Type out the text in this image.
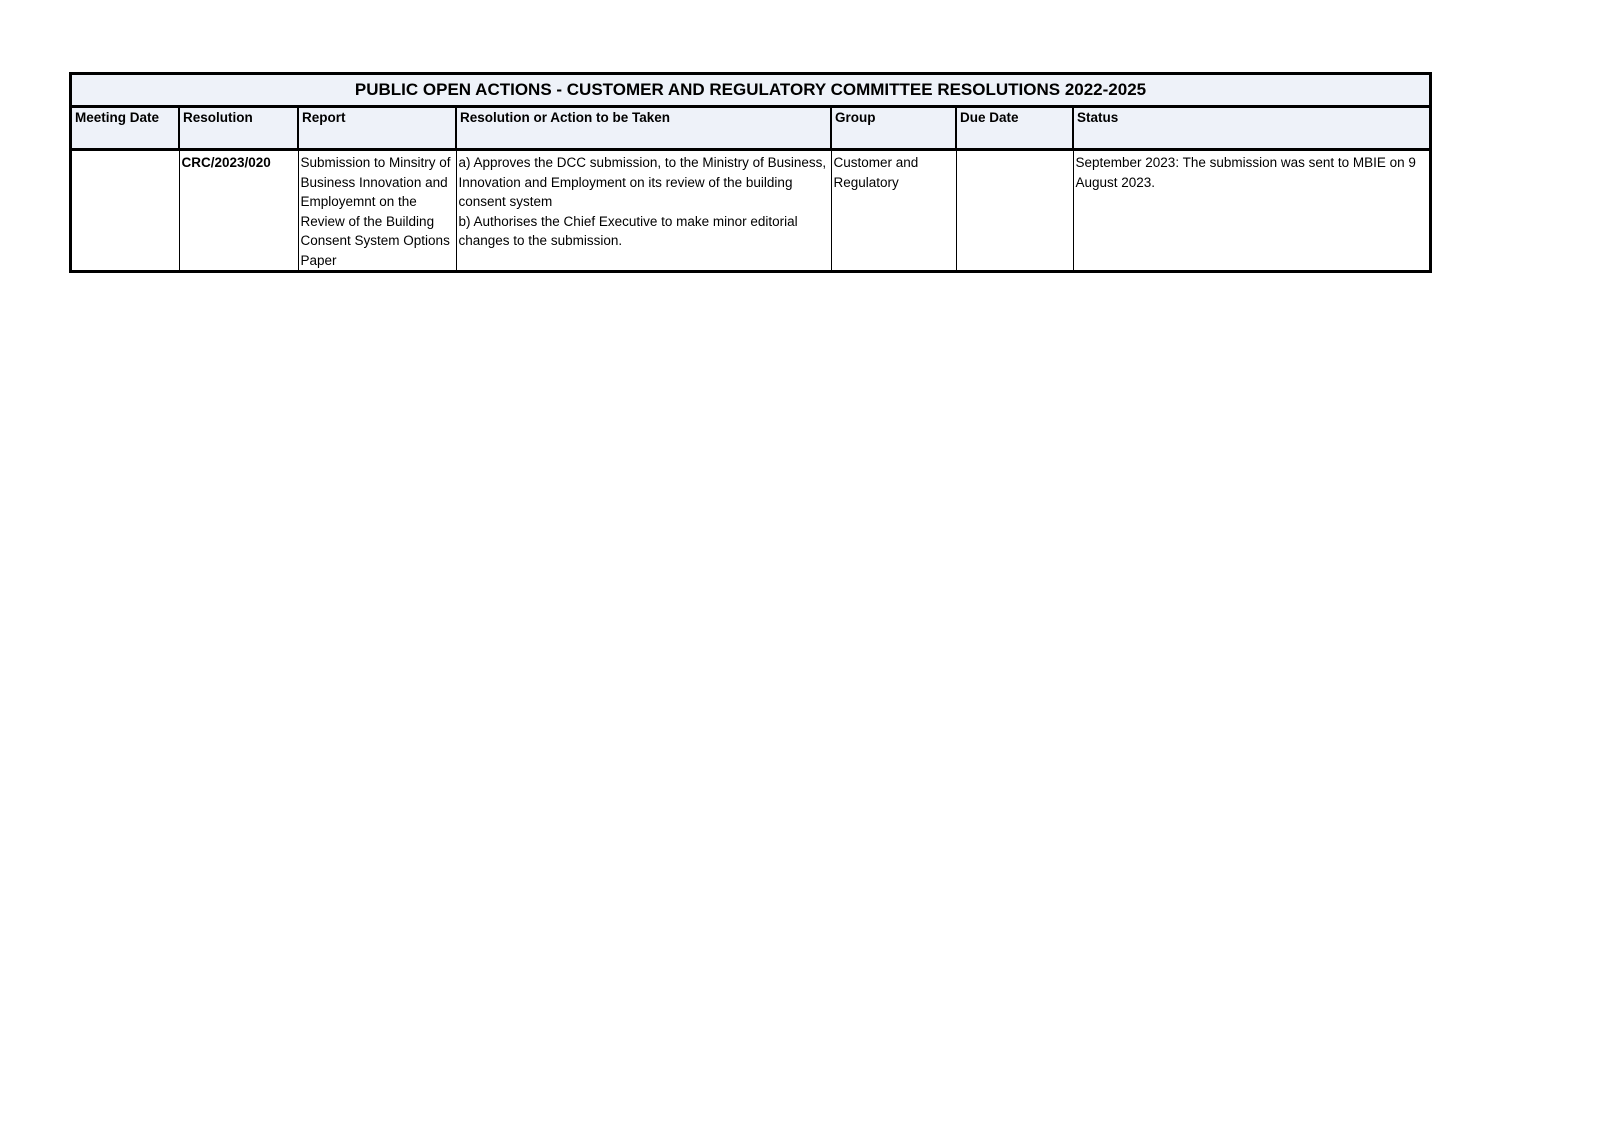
PUBLIC OPEN ACTIONS - CUSTOMER AND REGULATORY COMMITTEE RESOLUTIONS 2022-2025						
Meeting Date	Resolution	Report	Resolution or Action to be Taken	Group	Due Date	Status
	CRC/2023/020	Submission to Minsitry of Business Innovation and Employemnt on the Review of the Building Consent System Options Paper	a) Approves the DCC submission, to the Ministry of Business, Innovation and Employment on its review of the building consent system
b) Authorises the Chief Executive to make minor editorial changes to the submission.	Customer and Regulatory		September 2023: The submission was sent to MBIE on 9 August 2023.
